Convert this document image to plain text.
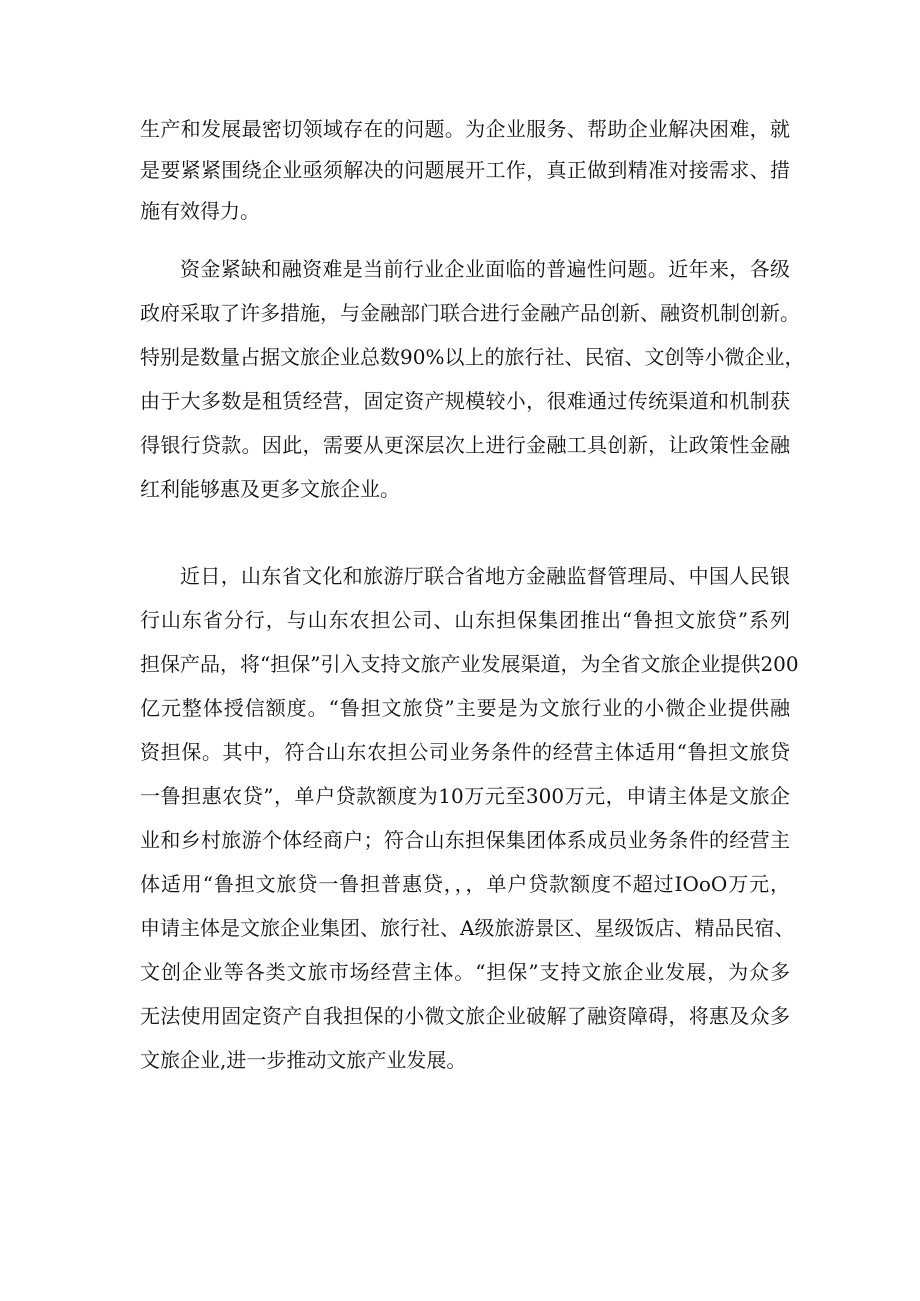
生产和发展最密切领域存在的问题。为企业服务、帮助企业解决困难，就
是要紧紧围绕企业亟须解决的问题展开工作，真正做到精准对接需求、措
施有效得力。
资金紧缺和融资难是当前行业企业面临的普遍性问题。近年来，各级
政府采取了许多措施，与金融部门联合进行金融产品创新、融资机制创新。
特别是数量占据文旅企业总数90%以上的旅行社、民宿、文创等小微企业，
由于大多数是租赁经营，固定资产规模较小，很难通过传统渠道和机制获
得银行贷款。因此，需要从更深层次上进行金融工具创新，让政策性金融
红利能够惠及更多文旅企业。
近日，山东省文化和旅游厅联合省地方金融监督管理局、中国人民银
行山东省分行，与山东农担公司、山东担保集团推出“鲁担文旅贷”系列
担保产品，将“担保”引入支持文旅产业发展渠道，为全省文旅企业提供200
亿元整体授信额度。“鲁担文旅贷”主要是为文旅行业的小微企业提供融
资担保。其中，符合山东农担公司业务条件的经营主体适用“鲁担文旅贷
一鲁担惠农贷”，单户贷款额度为10万元至300万元，申请主体是文旅企
业和乡村旅游个体经商户；符合山东担保集团体系成员业务条件的经营主
体适用“鲁担文旅贷一鲁担普惠贷，，，单户贷款额度不超过IOoO万元，
申请主体是文旅企业集团、旅行社、A级旅游景区、星级饭店、精品民宿、
文创企业等各类文旅市场经营主体。“担保”支持文旅企业发展，为众多
无法使用固定资产自我担保的小微文旅企业破解了融资障碍，将惠及众多
文旅企业,进一步推动文旅产业发展。
